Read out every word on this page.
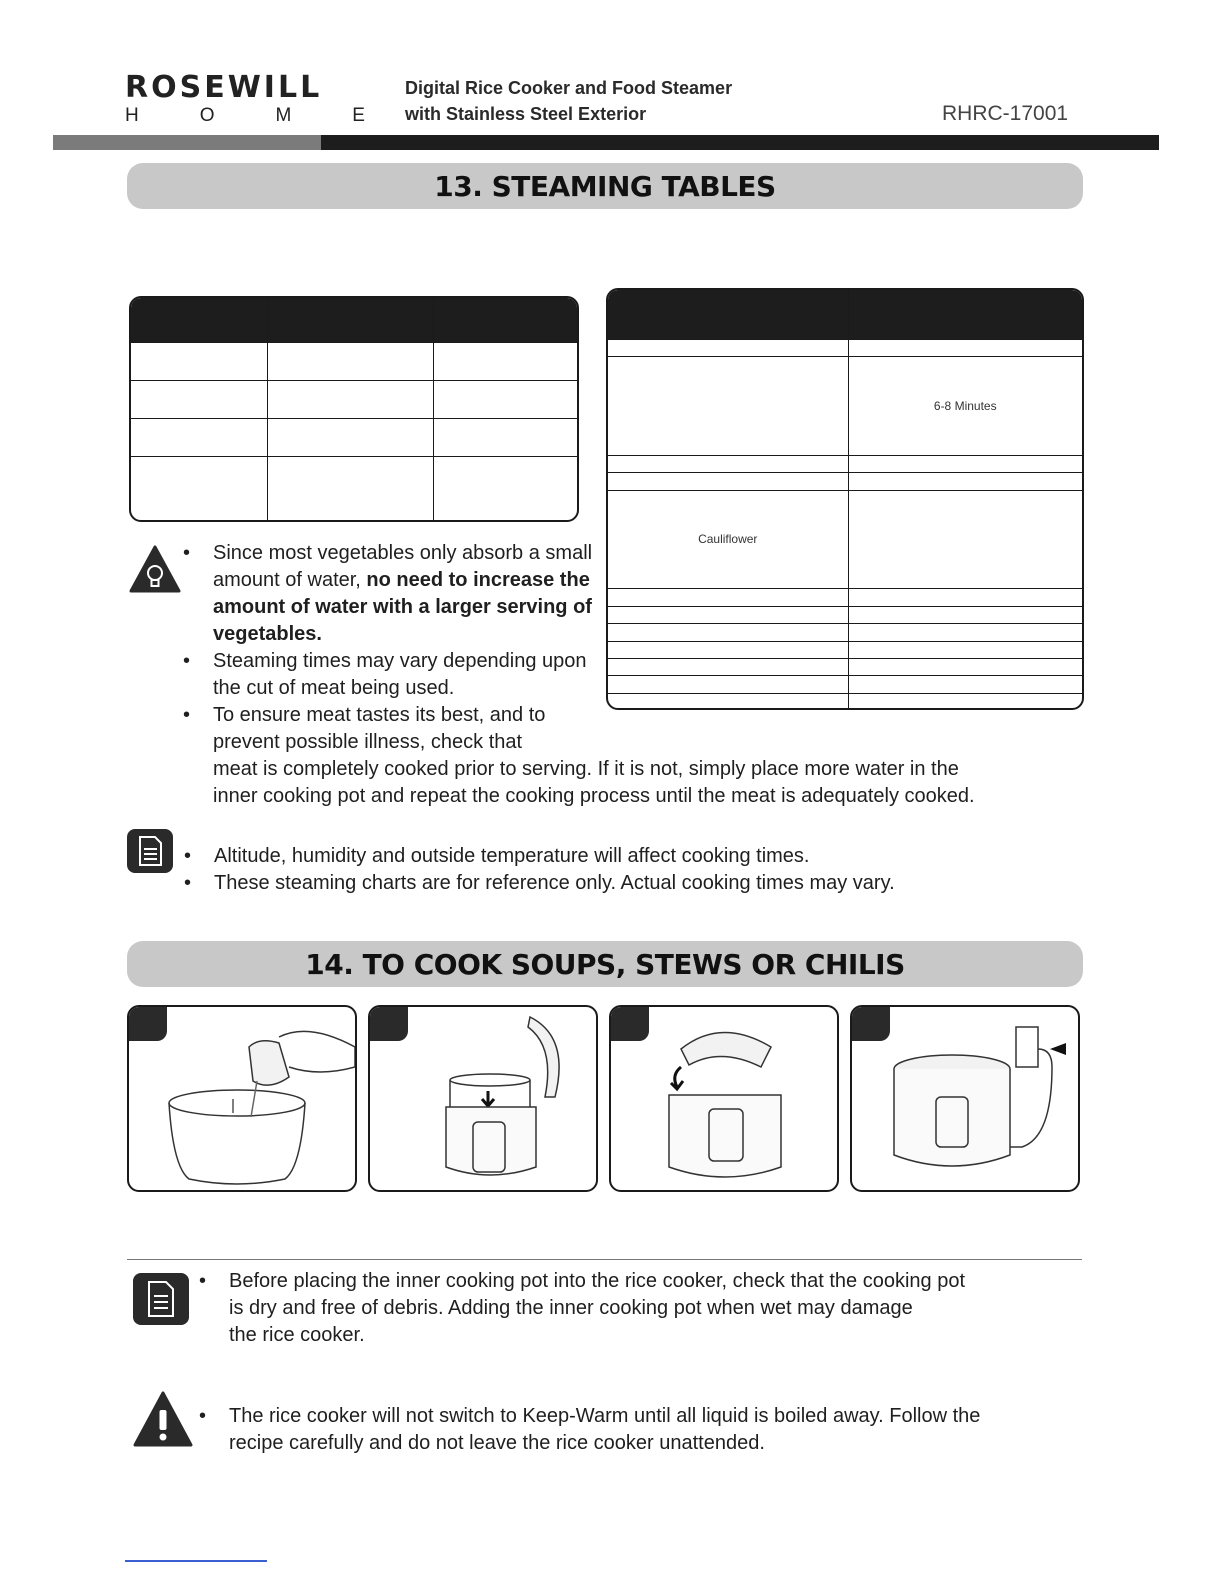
ROSEWILL
H	O	M	E
Digital Rice Cooker and Food Steamer
with Stainless Steel Exterior	RHRC-17001
13. STEAMING TABLES

	6-8 Minutes

Cauliflower	

• Since most vegetables only absorb a small amount of water, no need to increase the amount of water with a larger serving of vegetables.
• Steaming times may vary depending upon the cut of meat being used.
• To ensure meat tastes its best, and to
prevent possible illness, check that
meat is completely cooked prior to serving. If it is not, simply place more water in the
inner cooking pot and repeat the cooking process until the meat is adequately cooked.
• Altitude, humidity and outside temperature will affect cooking times.
• These steaming charts are for reference only. Actual cooking times may vary.
14. TO COOK SOUPS, STEWS OR CHILIS
• Before placing the inner cooking pot into the rice cooker, check that the cooking pot
is dry and free of debris. Adding the inner cooking pot when wet may damage
the rice cooker.
• The rice cooker will not switch to Keep-Warm until all liquid is boiled away. Follow the
recipe carefully and do not leave the rice cooker unattended.
